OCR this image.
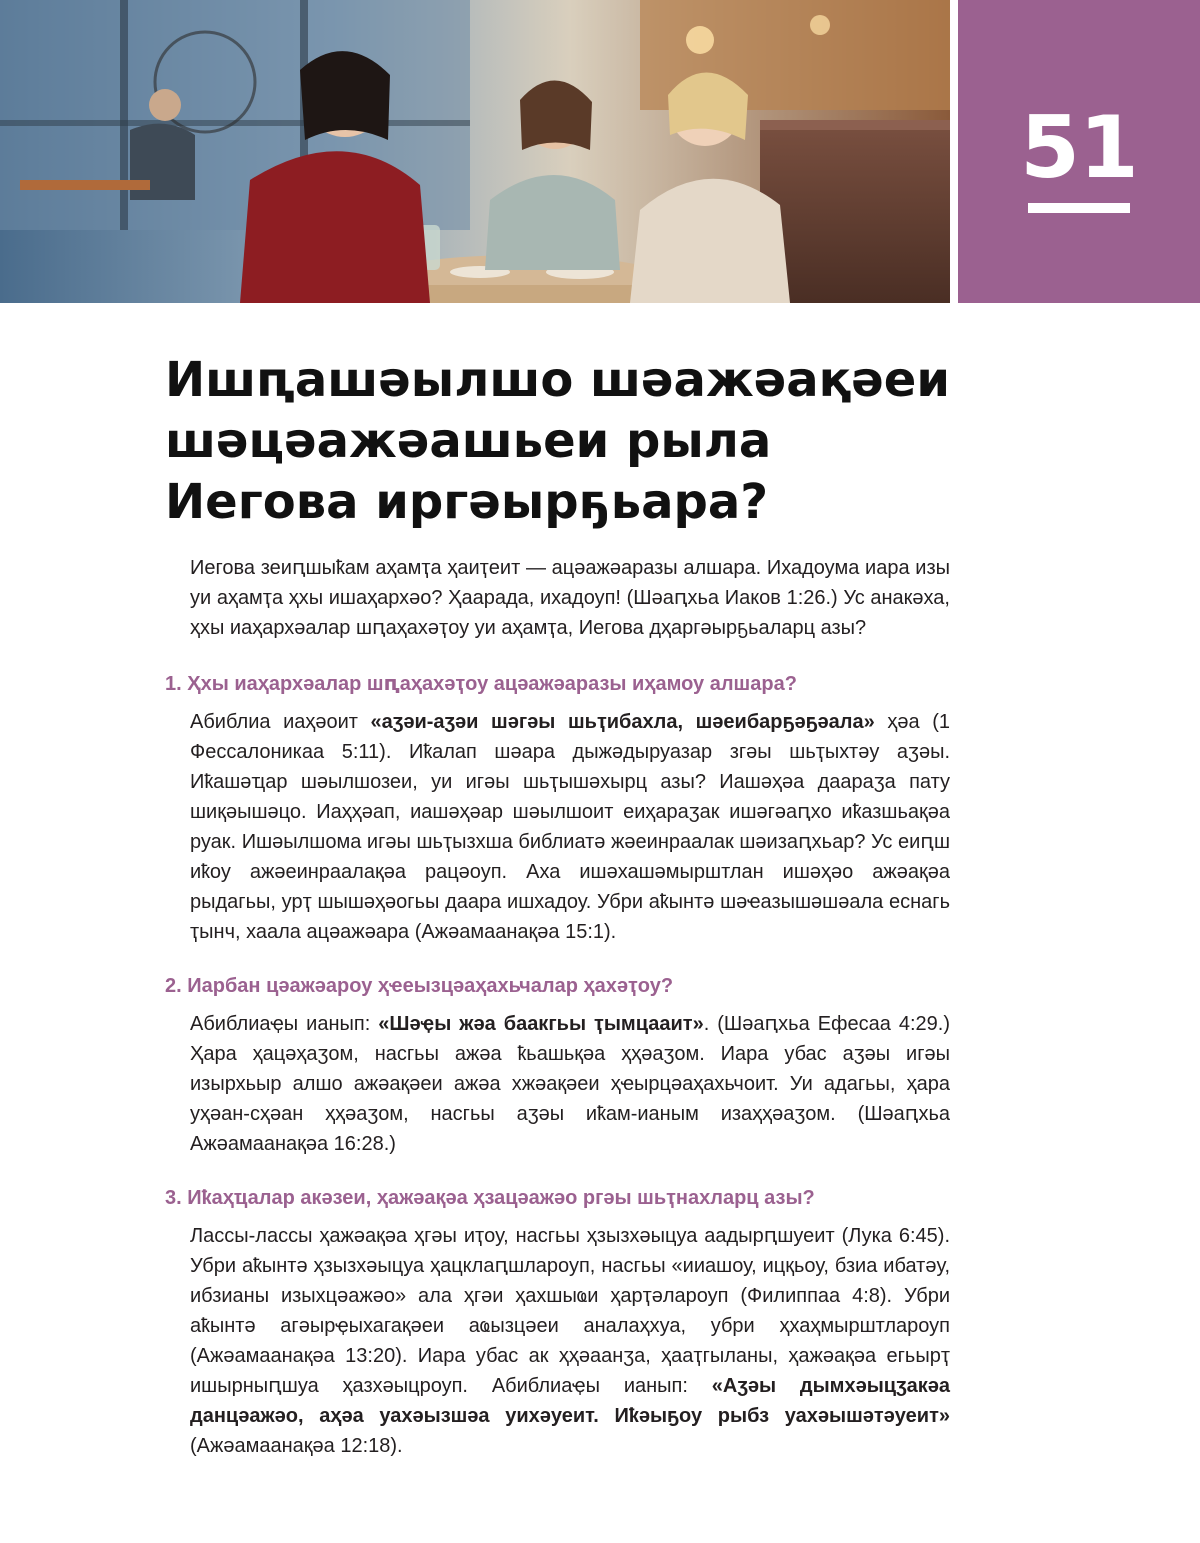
51
Ишԥашәылшо шәажәақәеи
шәцәажәашьеи рыла
Иегова иргәырҕьара?

Иегова зеиԥшыҟам аҳамҭа ҳаиҭеит — ацәажәаразы алшара. Ихадоума иара изы уи аҳамҭа ҳхы ишаҳархәо? Ҳаарада, ихадоуп! (Шәаԥхьа Иаков 1:26.) Ус анакәха, ҳхы иаҳархәалар шԥаҳахәҭоу уи аҳамҭа, Иегова дҳаргәырҕьаларц азы?

1. Ҳхы иаҳархәалар шԥаҳахәҭоу ацәажәаразы иҳамоу алшара?

Абиблиа иаҳәоит «аӡәи-аӡәи шәгәы шьҭибахла, шәеибарҕәҕәала» ҳәа (1 Фессалоникаа 5:11). Иҟалап шәара дыжәдыруазар згәы шьҭыхтәу аӡәы. Иҟашәҵар шәылшозеи, уи игәы шьҭышәхырц азы? Иашәҳәа даараӡа пату шиқәышәцо. Иаҳҳәап, иашәҳәар шәылшоит еиҳараӡак ишәгәаԥхо иҟазшьақәа руак. Ишәылшома игәы шьҭызхша библиатә жәеинраалак шәизаԥхьар? Ус еиԥш иҟоу ажәеинраалақәа рацәоуп. Аха ишәхашәмырштлан ишәҳәо ажәақәа рыдагьы, урҭ шышәҳәогьы даара ишхадоу. Убри аҟынтә шәҽазышәшәала еснагь ҭынч, хаала ацәажәара (Ажәамаанақәа 15:1).

2. Иарбан цәажәароу ҳҽеызцәаҳахьчалар ҳахәҭоу?

Абиблиаҿы ианып: «Шәҿы жәа баакгьы ҭымцааит». (Шәаԥхьа Ефесаа 4:29.) Ҳара ҳацәҳаӡом, насгьы ажәа ҟьашьқәа ҳҳәаӡом. Иара убас аӡәы игәы изырхьыр алшо ажәақәеи ажәа хжәақәеи ҳҽырцәаҳахьчоит. Уи адагьы, ҳара уҳәан-сҳәан ҳҳәаӡом, насгьы аӡәы иҟам-ианым изаҳҳәаӡом. (Шәаԥхьа Ажәамаанақәа 16:28.)

3. Иҟаҳҵалар акәзеи, ҳажәақәа ҳзацәажәо ргәы шьҭнахларц азы?

Лассы-лассы ҳажәақәа ҳгәы иҭоу, насгьы ҳзызхәыцуа аадырԥшуеит (Лука 6:45). Убри аҟынтә ҳзызхәыцуа ҳацклаԥшлароуп, насгьы «ииашоу, ицқьоу, бзиа ибатәу, ибзианы изыхцәажәо» ала ҳгәи ҳахшыҩи ҳарҭәлароуп (Филиппаа 4:8). Убри аҟынтә агәырҿыхагақәеи аҩызцәеи аналаҳхуа, убри ҳхаҳмырштлароуп (Ажәамаанақәа 13:20). Иара убас ак ҳҳәаанӡа, ҳааҭгыланы, ҳажәақәа егьырҭ ишырныԥшуа ҳазхәыцроуп. Абиблиаҿы ианып: «Аӡәы дымхәыцӡакәа данцәажәо, аҳәа уахәызшәа уихәуеит. Иҟәыҕоу рыбз уахәышәтәуеит» (Ажәамаанақәа 12:18).
